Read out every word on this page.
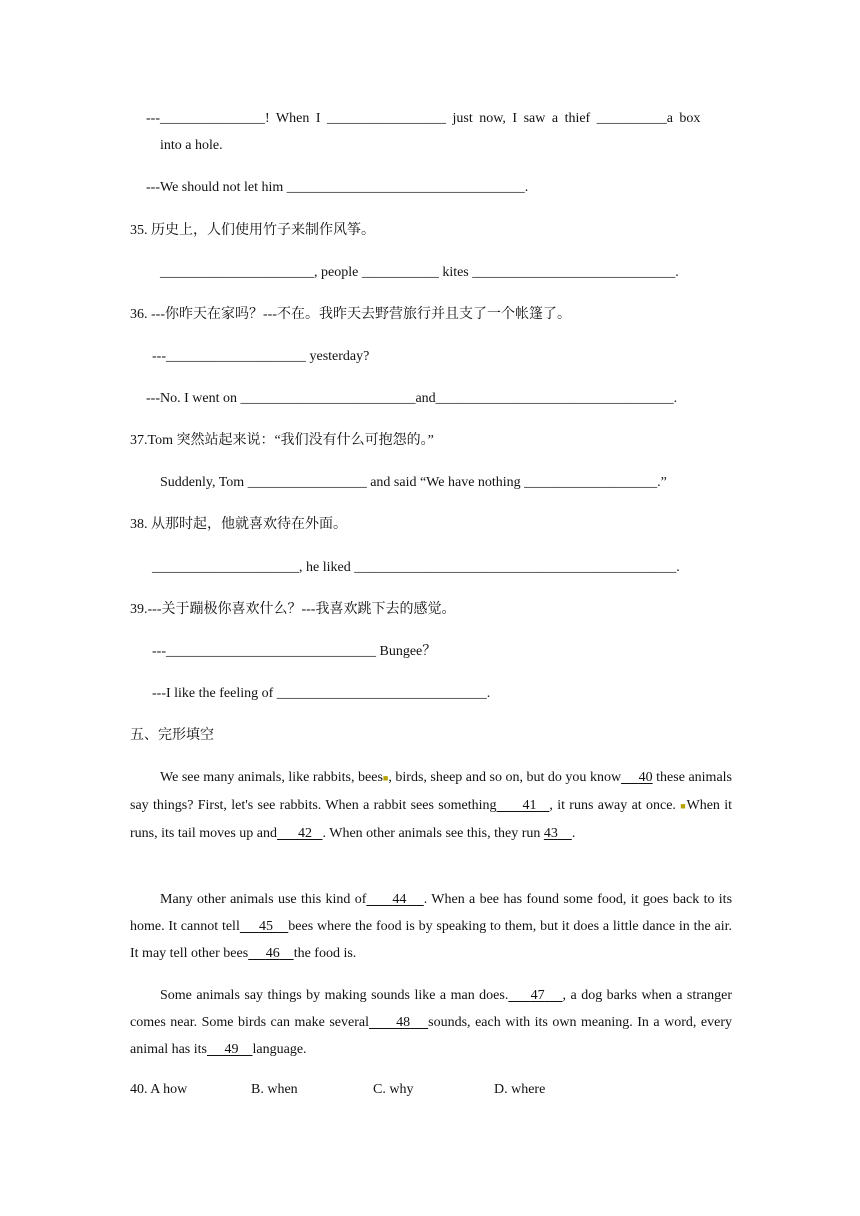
---_______________! When I _________________ just now, I saw a thief __________a box
into a hole.
---We should not let him __________________________________.
35. 历史上，人们使用竹子来制作风筝。
______________________, people ___________ kites _____________________________.
36. ---你昨天在家吗？---不在。我昨天去野营旅行并且支了一个帐篷了。
---____________________ yesterday?
---No. I went on _________________________and__________________________________.
37.Tom 突然站起来说：“我们没有什么可抱怨的。”
Suddenly, Tom _________________ and said “We have nothing ___________________.”
38. 从那时起，他就喜欢待在外面。
_____________________, he liked ______________________________________________.
39.---关于蹦极你喜欢什么？---我喜欢跳下去的感觉。
---______________________________ Bungee？
---I like the feeling of ______________________________.
五、完形填空
We see many animals, like rabbits, bees■, birds, sheep and so on, but do you know 40 these animals say things? First, let's see rabbits. When a rabbit sees something 41 , it runs away at once. ■When it runs, its tail moves up and 42 . When other animals see this, they run 43 .
Many other animals use this kind of 44 . When a bee has found some food, it goes back to its home. It cannot tell 45 bees where the food is by speaking to them, but it does a little dance in the air. It may tell other bees 46 the food is.
Some animals say things by making sounds like a man does. 47 , a dog barks when a stranger comes near. Some birds can make several 48 sounds, each with its own meaning. In a word, every animal has its 49 language.
40. A how	B. when	C. why	D. where
